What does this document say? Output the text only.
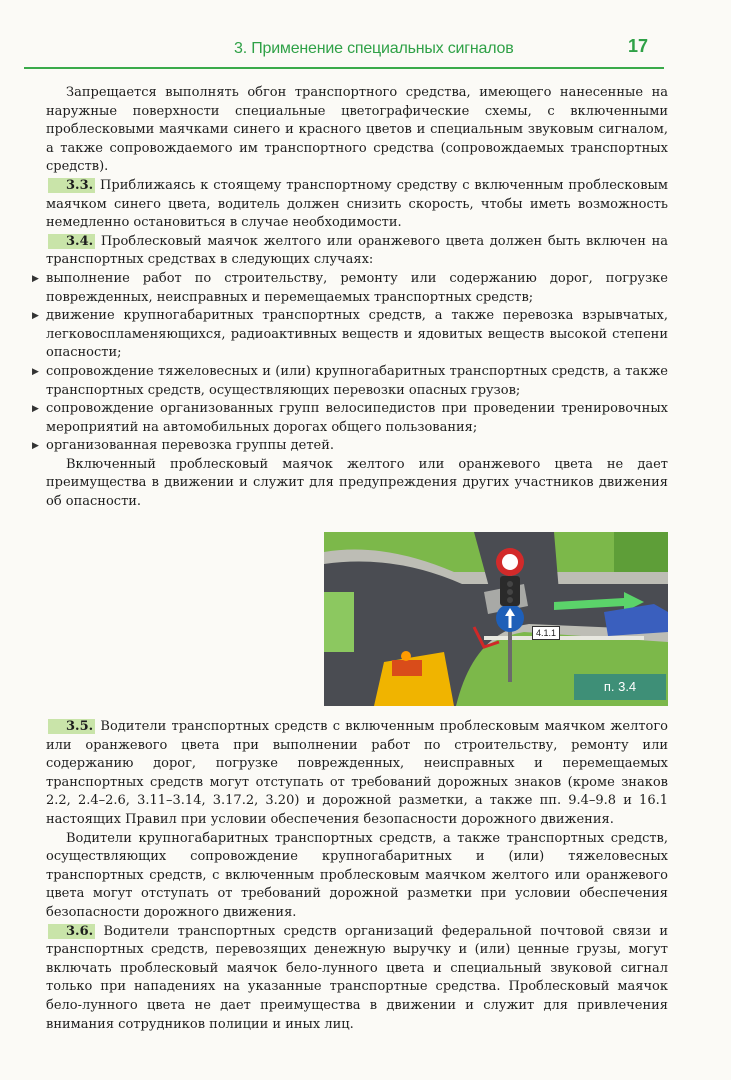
3. Применение специальных сигналов	17

Запрещается выполнять обгон транспортного средства, имеющего нанесенные на наружные поверхности специальные цветографические схемы, с включенными проблесковыми маячками синего и красного цветов и специальным звуковым сигналом, а также сопровождаемого им транспортного средства (сопровождаемых транспортных средств).

3.3. Приближаясь к стоящему транспортному средству с включенным проблесковым маячком синего цвета, водитель должен снизить скорость, чтобы иметь возможность немедленно остановиться в случае необходимости.

3.4. Проблесковый маячок желтого или оранжевого цвета должен быть включен на транспортных средствах в следующих случаях:

▶ выполнение работ по строительству, ремонту или содержанию дорог, погрузке поврежденных, неисправных и перемещаемых транспортных средств;
▶ движение крупногабаритных транспортных средств, а также перевозка взрывчатых, легковоспламеняющихся, радиоактивных веществ и ядовитых веществ высокой степени опасности;
▶ сопровождение тяжеловесных и (или) крупногабаритных транспортных средств, а также транспортных средств, осуществляющих перевозки опасных грузов;
▶ сопровождение организованных групп велосипедистов при проведении тренировочных мероприятий на автомобильных дорогах общего пользования;
▶ организованная перевозка группы детей.

Включенный проблесковый маячок желтого или оранжевого цвета не дает преимущества в движении и служит для предупреждения других участников движения об опасности.

4.1.1
п. 3.4

3.5. Водители транспортных средств с включенным проблесковым маячком желтого или оранжевого цвета при выполнении работ по строительству, ремонту или содержанию дорог, погрузке поврежденных, неисправных и перемещаемых транспортных средств могут отступать от требований дорожных знаков (кроме знаков 2.2, 2.4–2.6, 3.11–3.14, 3.17.2, 3.20) и дорожной разметки, а также пп. 9.4–9.8 и 16.1 настоящих Правил при условии обеспечения безопасности дорожного движения.

Водители крупногабаритных транспортных средств, а также транспортных средств, осуществляющих сопровождение крупногабаритных и (или) тяжеловесных транспортных средств, с включенным проблесковым маячком желтого или оранжевого цвета могут отступать от требований дорожной разметки при условии обеспечения безопасности дорожного движения.

3.6. Водители транспортных средств организаций федеральной почтовой связи и транспортных средств, перевозящих денежную выручку и (или) ценные грузы, могут включать проблесковый маячок бело-лунного цвета и специальный звуковой сигнал только при нападениях на указанные транспортные средства. Проблесковый маячок бело-лунного цвета не дает преимущества в движении и служит для привлечения внимания сотрудников полиции и иных лиц.
